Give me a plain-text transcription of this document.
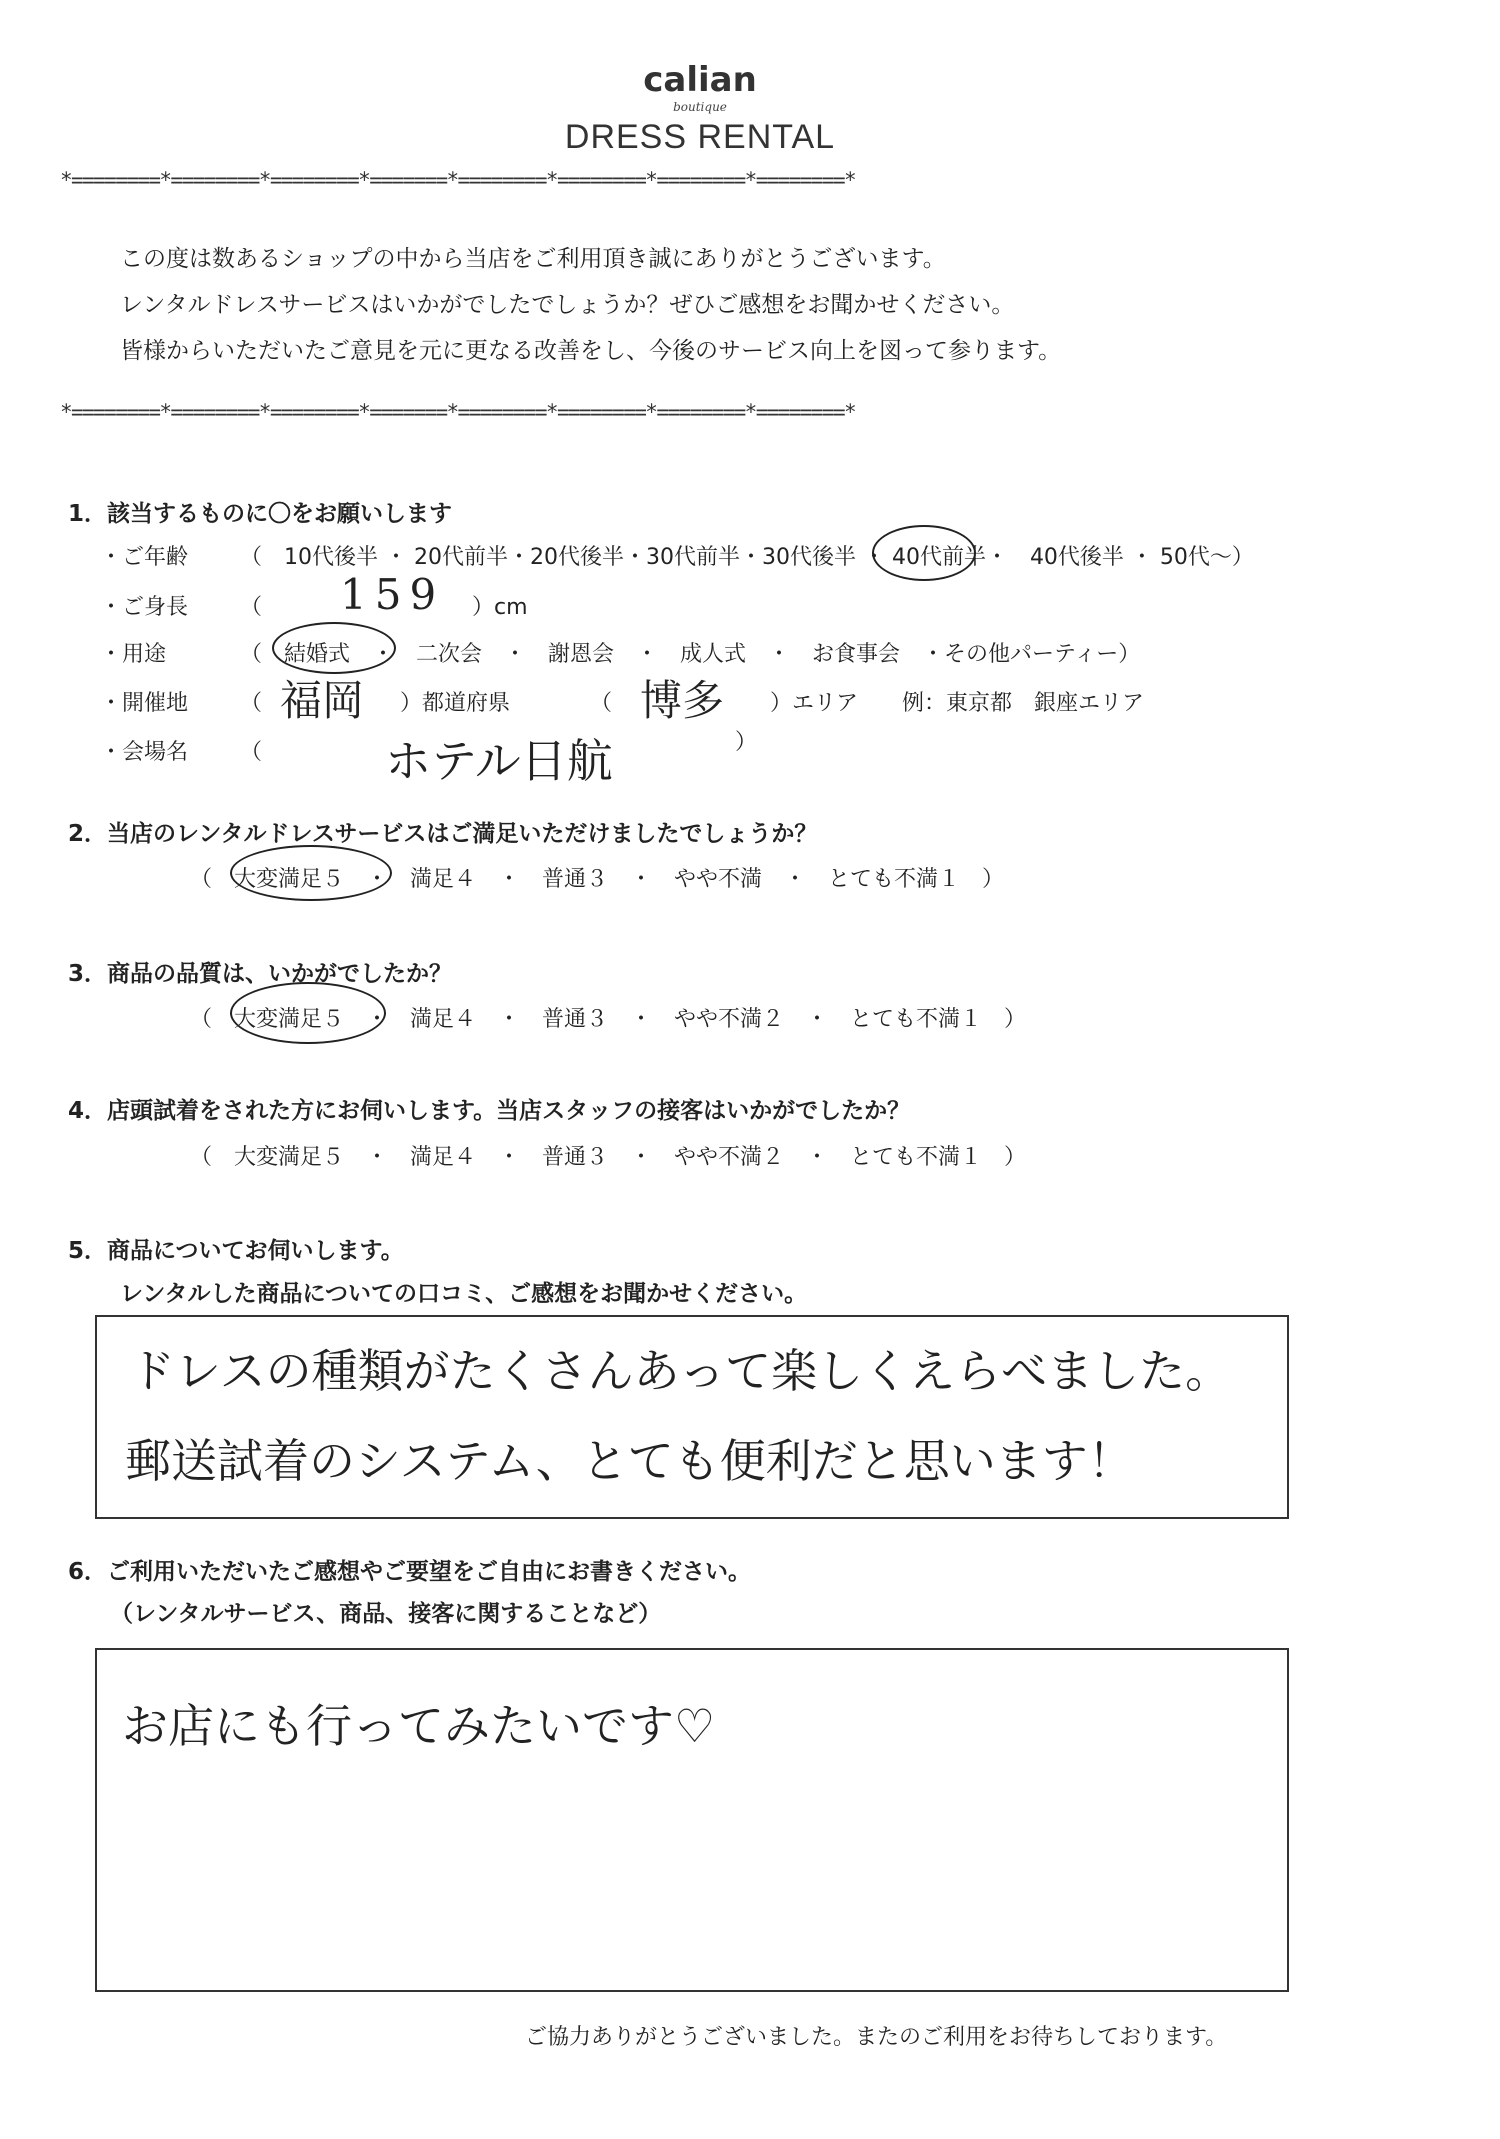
calian
boutique
DRESS RENTAL
*========*========*========*=======*========*========*========*========*
この度は数あるショップの中から当店をご利用頂き誠にありがとうございます。
レンタルドレスサービスはいかがでしたでしょうか？ぜひご感想をお聞かせください。
皆様からいただいたご意見を元に更なる改善をし、今後のサービス向上を図って参ります。
*========*========*========*=======*========*========*========*========*
1．該当するものに〇をお願いします
・ご年齢 （　10代後半 ・ 20代前半・20代後半・30代前半・30代後半 ・ 40代前半・　40代後半 ・ 50代～）
・ご身長 （ 159 ）cm
・用途	（　結婚式　・　二次会　・　謝恩会　・　成人式　・　お食事会　・その他パーティー）
・開催地 （ 福岡 ）都道府県	（ 博多 ）エリア　　例：東京都　銀座エリア
・会場名 （	ホテル日航	）
2．当店のレンタルドレスサービスはご満足いただけましたでしょうか？
（　大変満足５　・　満足４　・　普通３　・　やや不満　・　とても不満１　）
3．商品の品質は、いかがでしたか？
（　大変満足５　・　満足４　・　普通３　・　やや不満２　・　とても不満１　）
4．店頭試着をされた方にお伺いします。当店スタッフの接客はいかがでしたか？
（　大変満足５　・　満足４　・　普通３　・　やや不満２　・　とても不満１　）
5．商品についてお伺いします。
レンタルした商品についての口コミ、ご感想をお聞かせください。
ドレスの種類がたくさんあって楽しくえらべました。
郵送試着のシステム、とても便利だと思います！
6．ご利用いただいたご感想やご要望をご自由にお書きください。
（レンタルサービス、商品、接客に関することなど）
お店にも行ってみたいです♡
ご協力ありがとうございました。またのご利用をお待ちしております。
